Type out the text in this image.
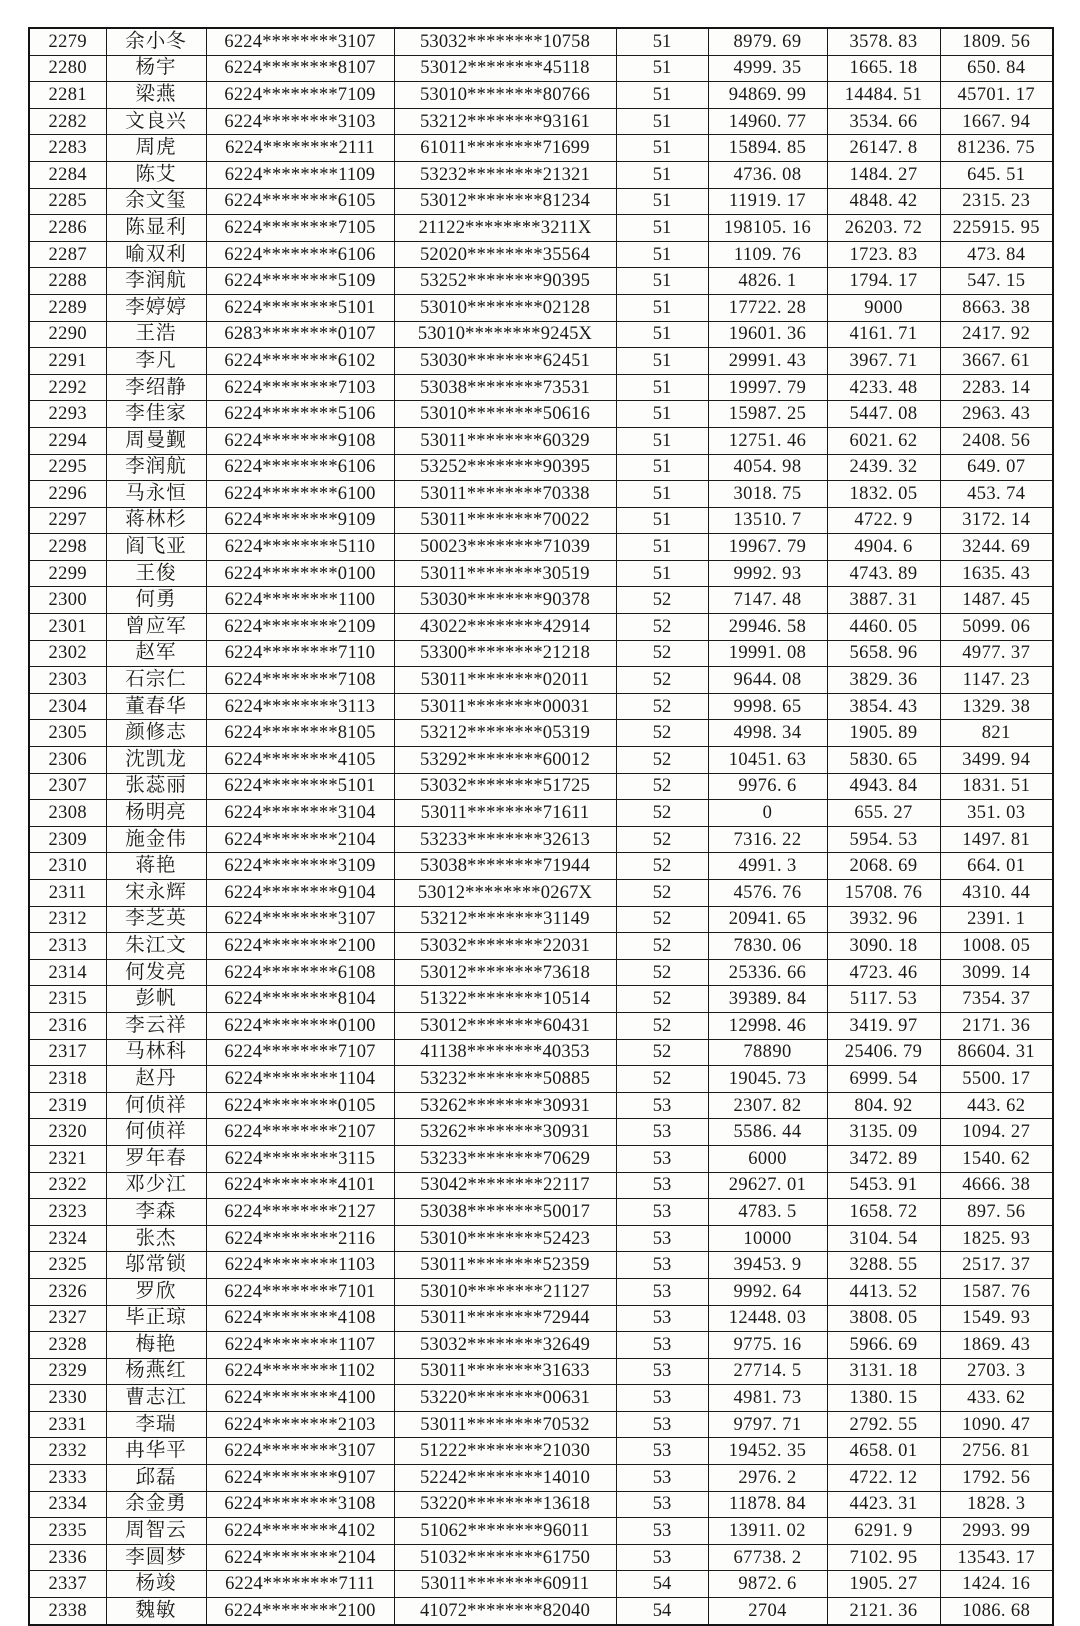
2279	余小冬	6224********3107	53032********10758	51	8979. 69	3578. 83	1809. 56
2280	杨宇	6224********8107	53012********45118	51	4999. 35	1665. 18	650. 84
2281	梁燕	6224********7109	53010********80766	51	94869. 99	14484. 51	45701. 17
2282	文良兴	6224********3103	53212********93161	51	14960. 77	3534. 66	1667. 94
2283	周虎	6224********2111	61011********71699	51	15894. 85	26147. 8	81236. 75
2284	陈艾	6224********1109	53232********21321	51	4736. 08	1484. 27	645. 51
2285	余文玺	6224********6105	53012********81234	51	11919. 17	4848. 42	2315. 23
2286	陈显利	6224********7105	21122********3211X	51	198105. 16	26203. 72	225915. 95
2287	喻双利	6224********6106	52020********35564	51	1109. 76	1723. 83	473. 84
2288	李润航	6224********5109	53252********90395	51	4826. 1	1794. 17	547. 15
2289	李婷婷	6224********5101	53010********02128	51	17722. 28	9000	8663. 38
2290	王浩	6283********0107	53010********9245X	51	19601. 36	4161. 71	2417. 92
2291	李凡	6224********6102	53030********62451	51	29991. 43	3967. 71	3667. 61
2292	李绍静	6224********7103	53038********73531	51	19997. 79	4233. 48	2283. 14
2293	李佳家	6224********5106	53010********50616	51	15987. 25	5447. 08	2963. 43
2294	周曼觐	6224********9108	53011********60329	51	12751. 46	6021. 62	2408. 56
2295	李润航	6224********6106	53252********90395	51	4054. 98	2439. 32	649. 07
2296	马永恒	6224********6100	53011********70338	51	3018. 75	1832. 05	453. 74
2297	蒋林杉	6224********9109	53011********70022	51	13510. 7	4722. 9	3172. 14
2298	阎飞亚	6224********5110	50023********71039	51	19967. 79	4904. 6	3244. 69
2299	王俊	6224********0100	53011********30519	51	9992. 93	4743. 89	1635. 43
2300	何勇	6224********1100	53030********90378	52	7147. 48	3887. 31	1487. 45
2301	曾应军	6224********2109	43022********42914	52	29946. 58	4460. 05	5099. 06
2302	赵军	6224********7110	53300********21218	52	19991. 08	5658. 96	4977. 37
2303	石宗仁	6224********7108	53011********02011	52	9644. 08	3829. 36	1147. 23
2304	董春华	6224********3113	53011********00031	52	9998. 65	3854. 43	1329. 38
2305	颜修志	6224********8105	53212********05319	52	4998. 34	1905. 89	821
2306	沈凯龙	6224********4105	53292********60012	52	10451. 63	5830. 65	3499. 94
2307	张蕊丽	6224********5101	53032********51725	52	9976. 6	4943. 84	1831. 51
2308	杨明亮	6224********3104	53011********71611	52	0	655. 27	351. 03
2309	施金伟	6224********2104	53233********32613	52	7316. 22	5954. 53	1497. 81
2310	蒋艳	6224********3109	53038********71944	52	4991. 3	2068. 69	664. 01
2311	宋永辉	6224********9104	53012********0267X	52	4576. 76	15708. 76	4310. 44
2312	李芝英	6224********3107	53212********31149	52	20941. 65	3932. 96	2391. 1
2313	朱江文	6224********2100	53032********22031	52	7830. 06	3090. 18	1008. 05
2314	何发亮	6224********6108	53012********73618	52	25336. 66	4723. 46	3099. 14
2315	彭帆	6224********8104	51322********10514	52	39389. 84	5117. 53	7354. 37
2316	李云祥	6224********0100	53012********60431	52	12998. 46	3419. 97	2171. 36
2317	马林科	6224********7107	41138********40353	52	78890	25406. 79	86604. 31
2318	赵丹	6224********1104	53232********50885	52	19045. 73	6999. 54	5500. 17
2319	何侦祥	6224********0105	53262********30931	53	2307. 82	804. 92	443. 62
2320	何侦祥	6224********2107	53262********30931	53	5586. 44	3135. 09	1094. 27
2321	罗年春	6224********3115	53233********70629	53	6000	3472. 89	1540. 62
2322	邓少江	6224********4101	53042********22117	53	29627. 01	5453. 91	4666. 38
2323	李森	6224********2127	53038********50017	53	4783. 5	1658. 72	897. 56
2324	张杰	6224********2116	53010********52423	53	10000	3104. 54	1825. 93
2325	邬常锁	6224********1103	53011********52359	53	39453. 9	3288. 55	2517. 37
2326	罗欣	6224********7101	53010********21127	53	9992. 64	4413. 52	1587. 76
2327	毕正琼	6224********4108	53011********72944	53	12448. 03	3808. 05	1549. 93
2328	梅艳	6224********1107	53032********32649	53	9775. 16	5966. 69	1869. 43
2329	杨燕红	6224********1102	53011********31633	53	27714. 5	3131. 18	2703. 3
2330	曹志江	6224********4100	53220********00631	53	4981. 73	1380. 15	433. 62
2331	李瑞	6224********2103	53011********70532	53	9797. 71	2792. 55	1090. 47
2332	冉华平	6224********3107	51222********21030	53	19452. 35	4658. 01	2756. 81
2333	邱磊	6224********9107	52242********14010	53	2976. 2	4722. 12	1792. 56
2334	余金勇	6224********3108	53220********13618	53	11878. 84	4423. 31	1828. 3
2335	周智云	6224********4102	51062********96011	53	13911. 02	6291. 9	2993. 99
2336	李圆梦	6224********2104	51032********61750	53	67738. 2	7102. 95	13543. 17
2337	杨竣	6224********7111	53011********60911	54	9872. 6	1905. 27	1424. 16
2338	魏敏	6224********2100	41072********82040	54	2704	2121. 36	1086. 68
